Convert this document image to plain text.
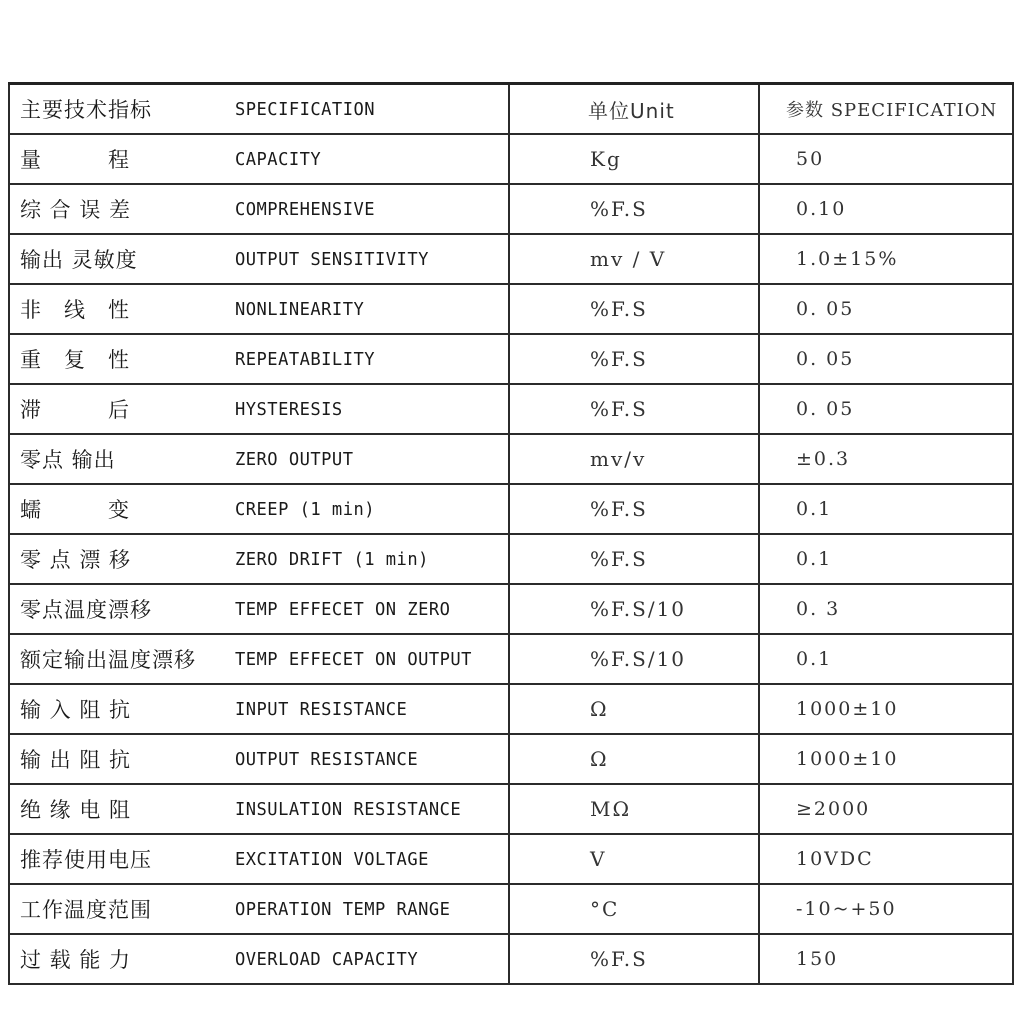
主要技术指标	SPECIFICATION	单位Unit	参数 SPECIFICATION
量　　　程	CAPACITY	Kg	50
综 合 误 差	COMPREHENSIVE	%F.S	0.10
输出 灵敏度	OUTPUT SENSITIVITY	mv / V	1.0±15%
非　线　性	NONLINEARITY	%F.S	0. 05
重　复　性	REPEATABILITY	%F.S	0. 05
滞　　　后	HYSTERESIS	%F.S	0. 05
零点 输出	ZERO OUTPUT	mv/v	±0.3
蠕　　　变	CREEP (1 min)	%F.S	0.1
零 点 漂 移	ZERO DRIFT (1 min)	%F.S	0.1
零点温度漂移	TEMP EFFECET ON ZERO	%F.S/10	0. 3
额定输出温度漂移	TEMP EFFECET ON OUTPUT	%F.S/10	0.1
输 入 阻 抗	INPUT RESISTANCE	Ω	1000±10
输 出 阻 抗	OUTPUT RESISTANCE	Ω	1000±10
绝 缘 电 阻	INSULATION RESISTANCE	MΩ	≥2000
推荐使用电压	EXCITATION VOLTAGE	V	10VDC
工作温度范围	OPERATION TEMP RANGE	°C	-10~+50
过 载 能 力	OVERLOAD CAPACITY	%F.S	150
